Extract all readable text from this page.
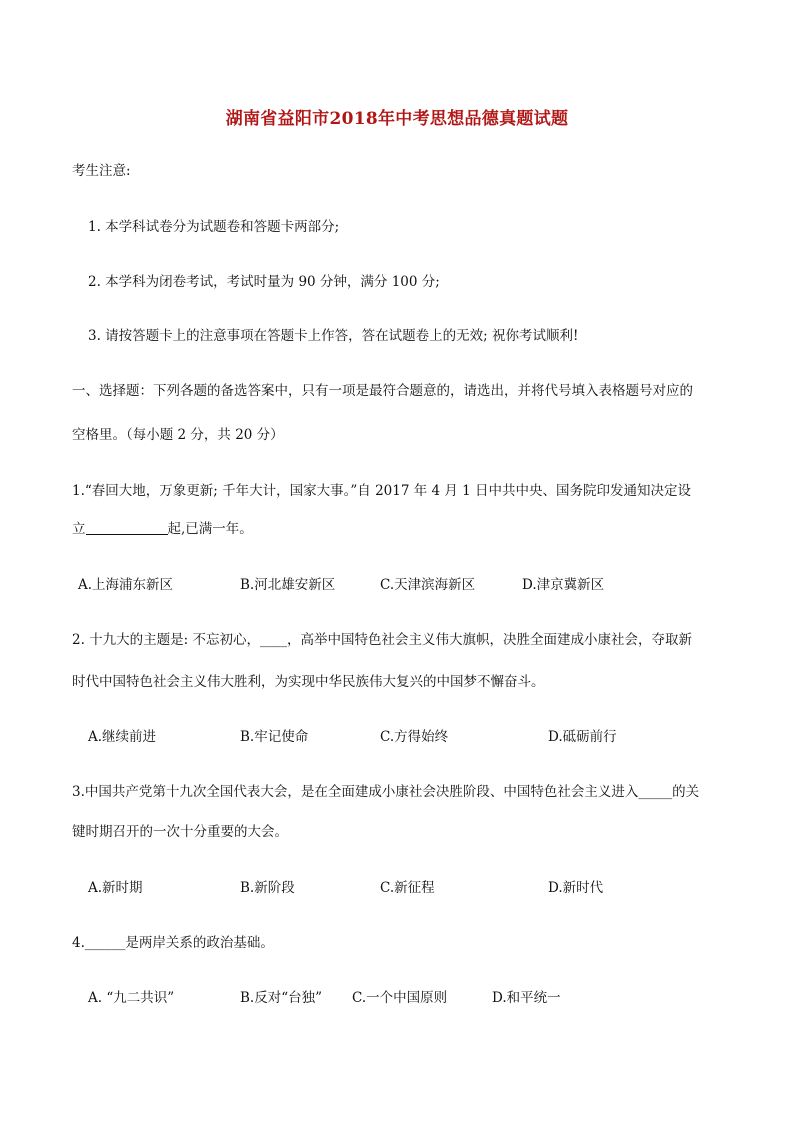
湖南省益阳市2018年中考思想品德真题试题
考生注意:
1. 本学科试卷分为试题卷和答题卡两部分;
2. 本学科为闭卷考试，考试时量为 90 分钟，满分 100 分;
3. 请按答题卡上的注意事项在答题卡上作答，答在试题卷上的无效; 祝你考试顺利!
一、选择题：下列各题的备选答案中，只有一项是最符合题意的，请选出，并将代号填入表格题号对应的
空格里。（每小题 2 分，共 20 分）
1.“春回大地，万象更新; 千年大计，国家大事。”自 2017 年 4 月 1 日中共中央、国务院印发通知决定设
立	起,已满一年。
A.上海浦东新区	B.河北雄安新区	C.天津滨海新区	D.津京冀新区
2. 十九大的主题是: 不忘初心，____，高举中国特色社会主义伟大旗帜，决胜全面建成小康社会，夺取新
时代中国特色社会主义伟大胜利，为实现中华民族伟大复兴的中国梦不懈奋斗。
A.继续前进	B.牢记使命	C.方得始终	D.砥砺前行
3.中国共产党第十九次全国代表大会，是在全面建成小康社会决胜阶段、中国特色社会主义进入_____的关
键时期召开的一次十分重要的大会。
A.新时期	B.新阶段	C.新征程	D.新时代
4.______是两岸关系的政治基础。
A. “九二共识”	B.反对“台独” C.一个中国原则	D.和平统一
